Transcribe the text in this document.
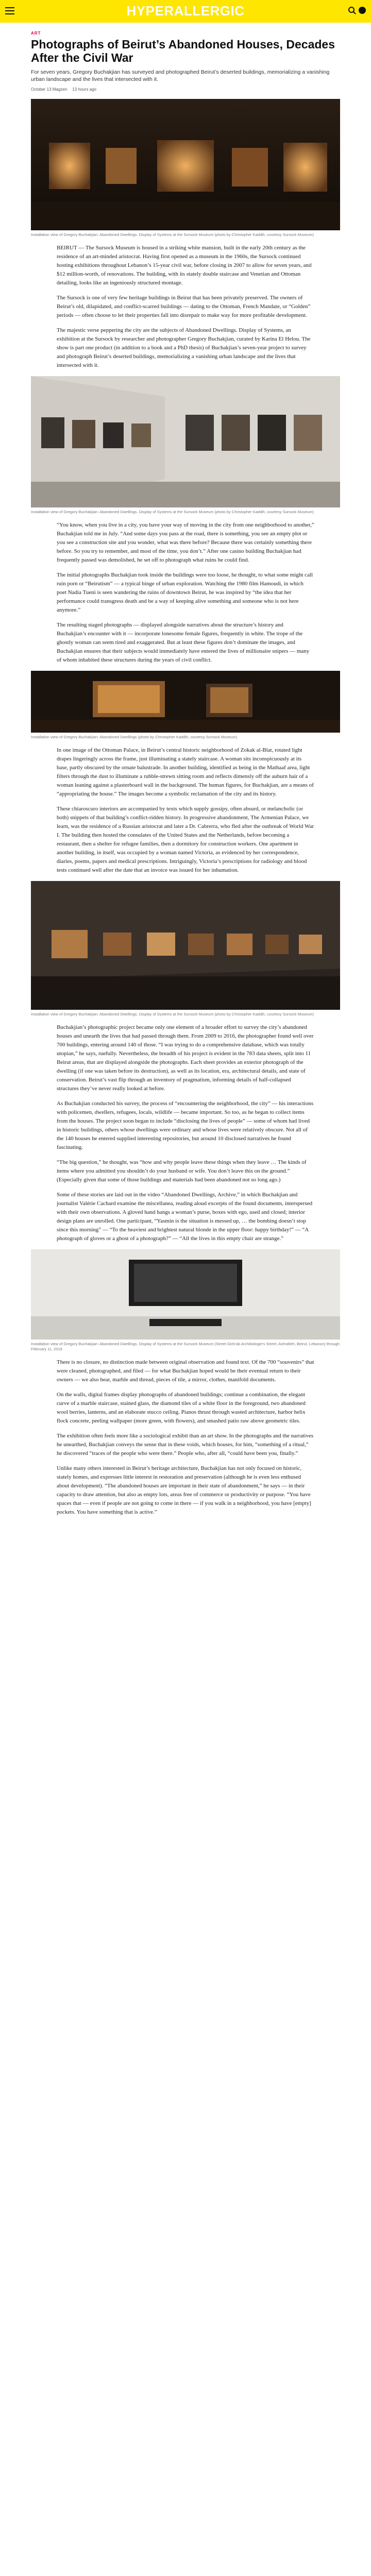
HYPERALLERGIC
ART
Photographs of Beirut’s Abandoned Houses, Decades After the Civil War

For seven years, Gregory Buchakjian has surveyed and photographed Beirut’s deserted buildings, memorializing a vanishing urban landscape and the lives that intersected with it.

October 13 Magzen 13 hours ago
Installation view of Gregory Buchakjian: Abandoned Dwellings. Display of Systems at the Sursock Museum (photo by Christopher Kaddih, courtesy Sursock Museum)

BEIRUT — The Sursock Museum is housed in a striking white mansion, built in the early 20th century as the residence of an art-minded aristocrat. Having first opened as a museum in the 1960s, the Sursock continued hosting exhibitions throughout Lebanon’s 15-year civil war, before closing in 2007 to allow for seven years, and $12 million-worth, of renovations. The building, with its stately double staircase and Venetian and Ottoman detailing, looks like an ingeniously structured montage.

The Sursock is one of very few heritage buildings in Beirut that has been privately preserved. The owners of Beirut’s old, dilapidated, and conflict-scarred buildings — dating to the Ottoman, French Mandate, or “Golden” periods — often choose to let their properties fall into disrepair to make way for more profitable development.

The majestic verse peppering the city are the subjects of Abandoned Dwellings. Display of Systems, an exhibition at the Sursock by researcher and photographer Gregory Buchakjian, curated by Karina El Helou. The show is part one product (in addition to a book and a PhD thesis) of Buchakjian’s seven-year project to survey and photograph Beirut’s deserted buildings, memorializing a vanishing urban landscape and the lives that intersected with it.

Installation view of Gregory Buchakjian: Abandoned Dwellings. Display of Systems at the Sursock Museum (photo by Christopher Kaddih, courtesy Sursock Museum)

“You know, when you live in a city, you have your way of moving in the city from one neighborhood to another,” Buchakjian told me in July. “And some days you pass at the road, there is something, you see an empty plot or you see a construction site and you wonder, what was there before? Because there was certainly something there before. So you try to remember, and most of the time, you don’t.” After one casino building Buchakjian had frequently passed was demolished, he set off to photograph what ruins he could find.

The initial photographs Buchakjian took inside the buildings were too loose, he thought, to what some might call ruin porn or “Beirutism” — a typical binge of urban exploration. Watching the 1980 film Hamoudi, in which poet Nadia Tueni is seen wandering the ruins of downtown Beirut, he was inspired by “the idea that her performance could transgress death and be a way of keeping alive something and someone who is not here anymore.”

The resulting staged photographs — displayed alongside narratives about the structure’s history and Buchakjian’s encounter with it — incorporate lonesome female figures, frequently in white. The trope of the ghostly woman can seem tired and exaggerated. But at least these figures don’t dominate the images, and Buchakjian ensures that their subjects would immediately have entered the lives of millionaire snipers — many of whom inhabited these structures during the years of civil conflict.

Installation view of Gregory Buchakjian: Abandoned Dwellings (photo by Christopher Kaddih, courtesy Sursock Museum)

In one image of the Ottoman Palace, in Beirut’s central historic neighborhood of Zokak al-Blat, rotated light drapes lingeringly across the frame, just illuminating a stately staircase. A woman sits inconspicuously at its base, partly obscured by the ornate balustrade. In another building, identified as being in the Mathaaf area, light filters through the dust to illuminate a rubble-strewn sitting room and reflects dimensly off the auburn hair of a woman leaning against a plasterboard wall in the background. The human figures, for Buchakjian, are a means of “appropriating the house.” The images become a symbolic reclamation of the city and its history.

These chiaroscuro interiors are accompanied by texts which supply gossipy, often absurd, or melancholic (or both) snippets of that building’s conflict-ridden history. In progressive abandonment, The Armenian Palace, we learn, was the residence of a Russian aristocrat and later a Dr. Cabrerra, who fled after the outbreak of World War I. The building then hosted the consulates of the United States and the Netherlands, before becoming a restaurant, then a shelter for refugee families, then a dormitory for construction workers. One apartment in another building, in itself, was occupied by a woman named Victoria, as evidenced by her correspondence, diaries, poems, papers and medical prescriptions. Intriguingly, Victoria’s prescriptions for radiology and blood tests continued well after the date that an invoice was issued for her inhumation.

Installation view of Gregory Buchakjian: Abandoned Dwellings. Display of Systems at the Sursock Museum (photo by Christopher Kaddih, courtesy Sursock Museum)

Buchakjian’s photographic project became only one element of a broader effort to survey the city’s abandoned houses and unearth the lives that had passed through them. From 2009 to 2016, the photographer found well over 700 buildings, entering around 140 of those. “I was trying to do a comprehensive database, which was totally utopian,” he says, ruefully. Nevertheless, the breadth of his project is evident in the 783 data sheets, split into 11 Beirut areas, that are displayed alongside the photographs. Each sheet provides an exterior photograph of the dwelling (if one was taken before its destruction), as well as its location, era, architectural details, and state of conservation. Beirut’s vast flip through an inventory of pragmatism, informing details of half-collapsed structures they’ve never really looked at before.

As Buchakjian conducted his survey, the process of “encountering the neighborhood, the city” — his interactions with policemen, dwellers, refugees, locals, wildlife — became important. So too, as he began to collect items from the houses. The project soon began to include “disclosing the lives of people” — some of whom had lived in historic buildings, others whose dwellings were ordinary and whose lives were relatively obscure. Not all of the 140 houses he entered supplied interesting repositories, but around 10 disclosed narratives he found fascinating.

“The big question,” he thought, was “how and why people leave these things when they leave … The kinds of items where you admitted you shouldn’t do your husband or wife. You don’t leave this on the ground.” (Especially given that some of those buildings and materials had been abandoned not so long ago.)

Some of these stories are laid out in the video “Abandoned Dwellings, Archive,” in which Buchakjian and journalist Valérie Cachard examine the miscellanea, reading aloud excerpts of the found documents, interspersed with their own observations. A gloved hand hangs a woman’s purse, boxes with ego, used and closed; interior design plans are unrolled. One participant, “Yasmin is the situation is messed up, … the bombing doesn’t stop since this morning” — “To the heaviest and brightest natural blonde in the upper floor: happy birthday!” — “A photograph of gloves or a ghost of a photograph?” — “All the lives in this empty chair are strange.”

Installation view of Gregory Buchakjian: Abandoned Dwellings. Display of Systems at the Sursock Museum (Street Girls'ab Archibologie's Street, Ashrafieh, Beirut, Lebanon) through February 11, 2019

There is no closure, no distinction made between original observation and found text. Of the 700 “souvenirs” that were cleaned, photographed, and filed — for what Buchakjian hoped would be their eventual return to their owners — we also hear, marble and thread, pieces of tile, a mirror, clothes, manifold documents.

On the walls, digital frames display photographs of abandoned buildings; continue a combination, the elegant curve of a marble staircase, stained glass, the diamond tiles of a white floor in the foreground, two abandoned wool berries, lanterns, and an elaborate stucco ceiling. Pianos thrust through wasted architecture, harbor helix flock concrete, peeling wallpaper (more green, with flowers), and smashed patio raw above geometric tiles.

The exhibition often feels more like a sociological exhibit than an art show. In the photographs and the narratives he unearthed, Buchakjian conveys the sense that in these voids, which houses, for him, “something of a ritual,” he discovered “traces of the people who were there.” People who, after all, “could have been you, finally.”

Unlike many others interested in Beirut’s heritage architecture, Buchakjian has not only focused on historic, stately homes, and expresses little interest in restoration and preservation (although he is even less enthused about development). “The abandoned houses are important in their state of abandonment,” he says — in their capacity to draw attention, but also as empty lots, areas free of commerce or productivity or purpose. “You have spaces that — even if people are not going to come in there — if you walk in a neighborhood, you have [empty] pockets. You have something that is active.”
